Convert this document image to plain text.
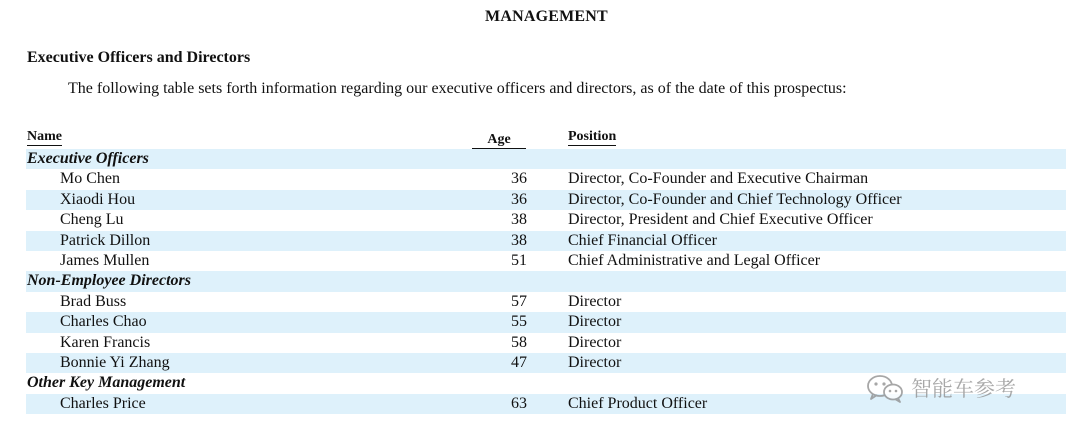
MANAGEMENT
Executive Officers and Directors
The following table sets forth information regarding our executive officers and directors, as of the date of this prospectus:
Name	Age	Position
Executive Officers
Mo Chen	36	Director, Co-Founder and Executive Chairman
Xiaodi Hou	36	Director, Co-Founder and Chief Technology Officer
Cheng Lu	38	Director, President and Chief Executive Officer
Patrick Dillon	38	Chief Financial Officer
James Mullen	51	Chief Administrative and Legal Officer
Non-Employee Directors
Brad Buss	57	Director
Charles Chao	55	Director
Karen Francis	58	Director
Bonnie Yi Zhang	47	Director
Other Key Management
Charles Price	63	Chief Product Officer
智能车参考
